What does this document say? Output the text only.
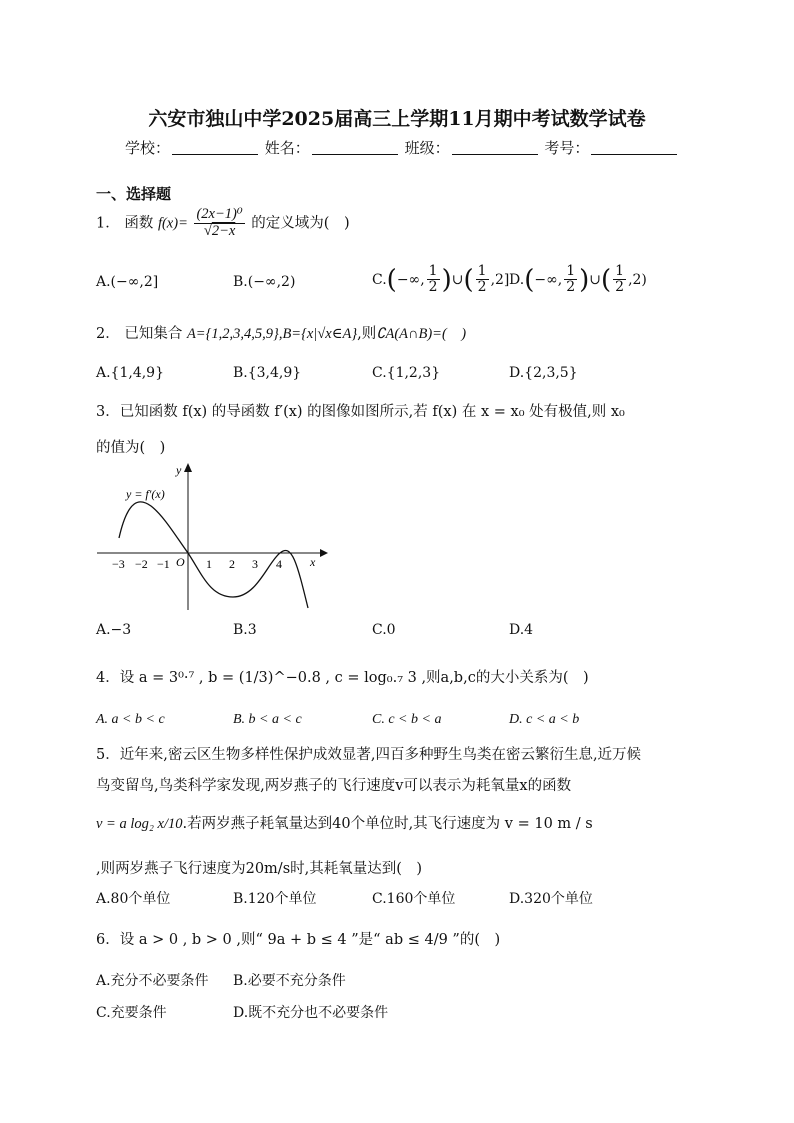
六安市独山中学2025届高三上学期11月期中考试数学试卷
学校：	姓名：	班级：	考号：
一、选择题
1． 函数 $f(x)= \frac{\text{(2x−1)⁰}}{√2-x}$ 的定义域为(　)
A.(−∞,2]	B.(−∞,2)	C.(−∞, $\frac{1}{2}$ )∪( $\frac{1}{2} ,2$] D.(−∞, $\frac{1}{2}$ )∪( $\frac{1}{2} ,2$)
2． 已知集合 A={1,2,3,4,5,9},B={x|√x∈A},则∁A(A∩B)=(　)
A.{1,4,9}	B.{3,4,9}	C.{1,2,3}	D.{2,3,5}
3．已知函数 f(x) 的导函数 f′(x) 的图像如图所示,若 f(x) 在 x = x₀ 处有极值,则 x₀
的值为(　)
y = f′(x)
y
x
O
−3 −2 −1	1 2 3 4
A.−3	B.3	C.0	D.4
4．设 a = 3⁰·⁷ , b = (1/3)^−0.8 , c = log₀.₇ 3 ,则a,b,c的大小关系为(　)
A. a < b < c	B. b < a < c	C. c < b < a	D. c < a < b
5．近年来,密云区生物多样性保护成效显著,四百多种野生鸟类在密云繁衍生息,近万候
鸟变留鸟,鸟类科学家发现,两岁燕子的飞行速度v可以表示为耗氧量x的函数
v = a log₂ x/10.若两岁燕子耗氧量达到40个单位时,其飞行速度为 v = 10 m / s
,则两岁燕子飞行速度为20m/s时,其耗氧量达到(　)
A.80个单位	B.120个单位	C.160个单位	D.320个单位
6．设 a > 0 , b > 0 ,则“ 9a + b ≤ 4 ”是“ ab ≤ 4/9 ”的(　)
A.充分不必要条件 B.必要不充分条件
C.充要条件	D.既不充分也不必要条件
